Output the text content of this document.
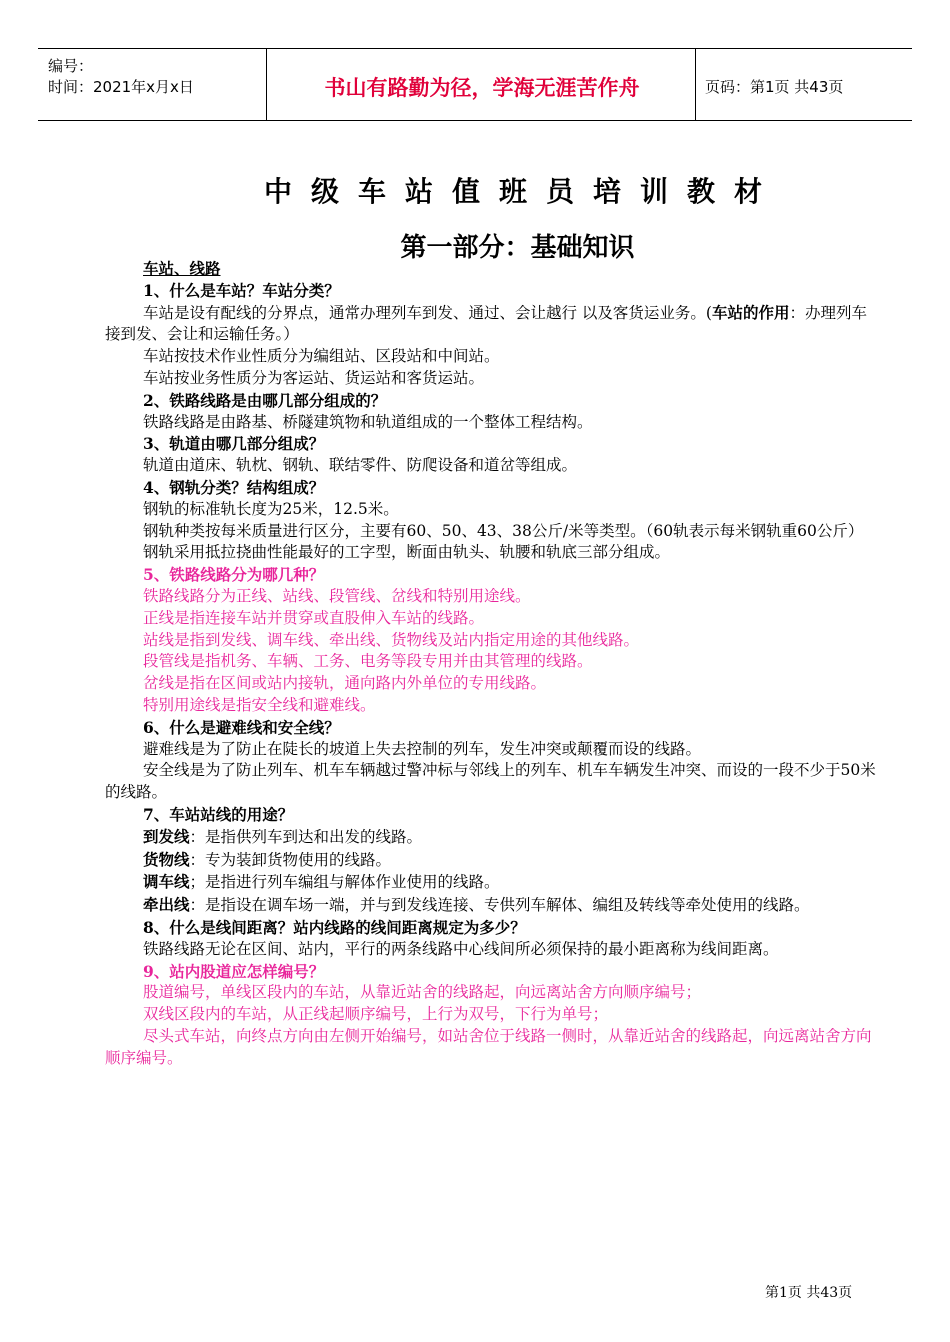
编号：
时间：2021年x月x日	书山有路勤为径，学海无涯苦作舟	页码：第1页 共43页
中级车站值班员培训教材
第一部分：基础知识

车站、线路

1、什么是车站？车站分类？

车站是设有配线的分界点，通常办理列车到发、通过、会让越行 以及客货运业务。(车站的作用：办理列车接到发、会让和运输任务。）

车站按技术作业性质分为编组站、区段站和中间站。

车站按业务性质分为客运站、货运站和客货运站。

2、铁路线路是由哪几部分组成的？

铁路线路是由路基、桥隧建筑物和轨道组成的一个整体工程结构。

3、轨道由哪几部分组成？

轨道由道床、轨枕、钢轨、联结零件、防爬设备和道岔等组成。

4、钢轨分类？结构组成？

钢轨的标准轨长度为25米，12.5米。

钢轨种类按每米质量进行区分，主要有60、50、43、38公斤/米等类型。（60轨表示每米钢轨重60公斤）

钢轨采用抵拉挠曲性能最好的工字型，断面由轨头、轨腰和轨底三部分组成。

5、铁路线路分为哪几种？

铁路线路分为正线、站线、段管线、岔线和特别用途线。

正线是指连接车站并贯穿或直股伸入车站的线路。

站线是指到发线、调车线、牵出线、货物线及站内指定用途的其他线路。

段管线是指机务、车辆、工务、电务等段专用并由其管理的线路。

岔线是指在区间或站内接轨，通向路内外单位的专用线路。

特别用途线是指安全线和避难线。

6、什么是避难线和安全线？

避难线是为了防止在陡长的坡道上失去控制的列车，发生冲突或颠覆而设的线路。

安全线是为了防止列车、机车车辆越过警冲标与邻线上的列车、机车车辆发生冲突、而设的一段不少于50米的线路。

7、车站站线的用途？

到发线：是指供列车到达和出发的线路。

货物线：专为装卸货物使用的线路。

调车线；是指进行列车编组与解体作业使用的线路。

牵出线：是指设在调车场一端，并与到发线连接、专供列车解体、编组及转线等牵处使用的线路。

8、什么是线间距离？站内线路的线间距离规定为多少？

铁路线路无论在区间、站内，平行的两条线路中心线间所必须保持的最小距离称为线间距离。

9、站内股道应怎样编号？

股道编号，单线区段内的车站，从靠近站舍的线路起，向远离站舍方向顺序编号；

双线区段内的车站，从正线起顺序编号，上行为双号，下行为单号；

尽头式车站，向终点方向由左侧开始编号，如站舍位于线路一侧时，从靠近站舍的线路起，向远离站舍方向顺序编号。

第1页 共43页
